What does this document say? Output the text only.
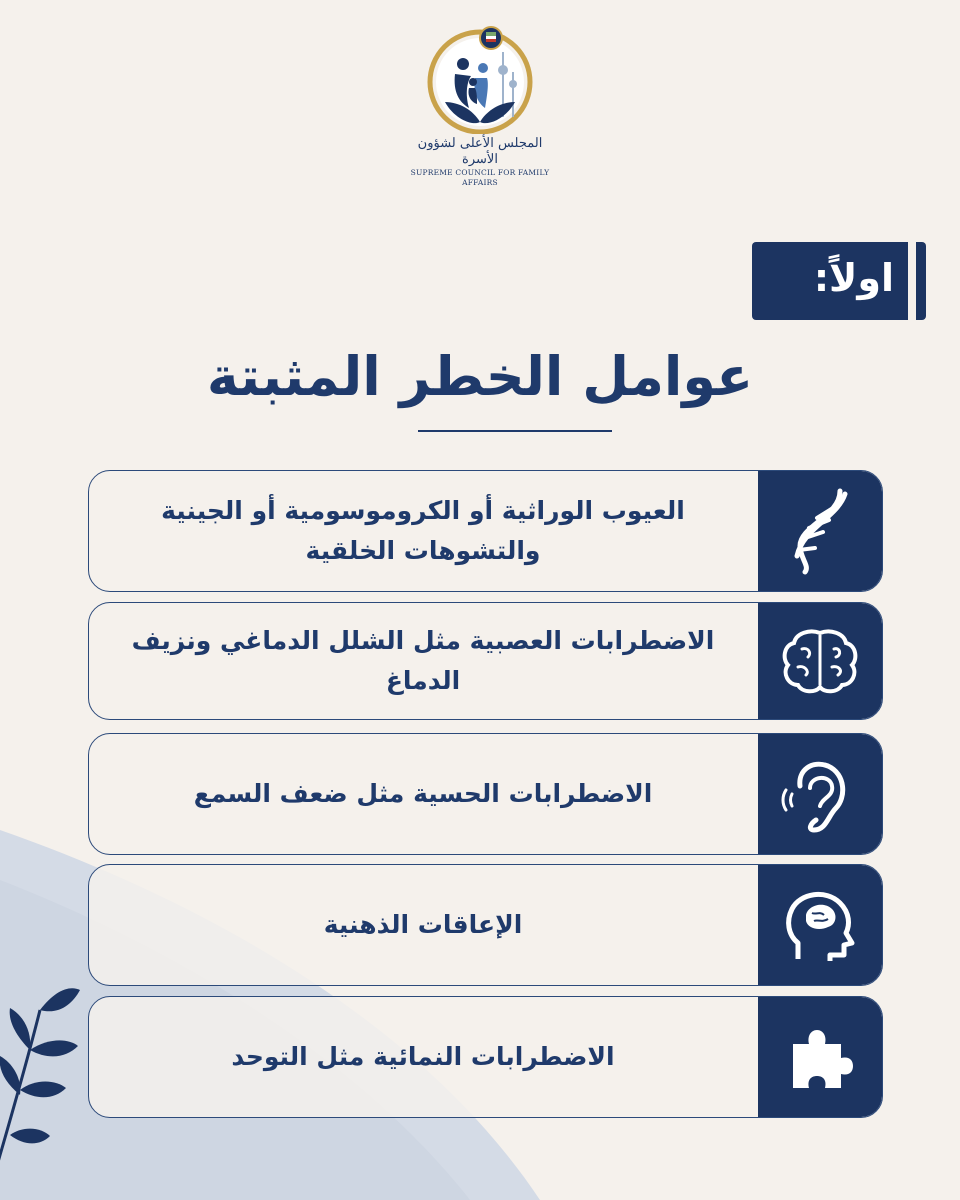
المجلس الأعلى لشؤون الأسرة
SUPREME COUNCIL FOR FAMILY AFFAIRS
اولاً:
عوامل الخطر المثبتة
العيوب الوراثية أو الكروموسومية أو الجينية والتشوهات الخلقية
الاضطرابات العصبية مثل الشلل الدماغي ونزيف الدماغ
الاضطرابات الحسية مثل ضعف السمع
الإعاقات الذهنية
الاضطرابات النمائية مثل التوحد
